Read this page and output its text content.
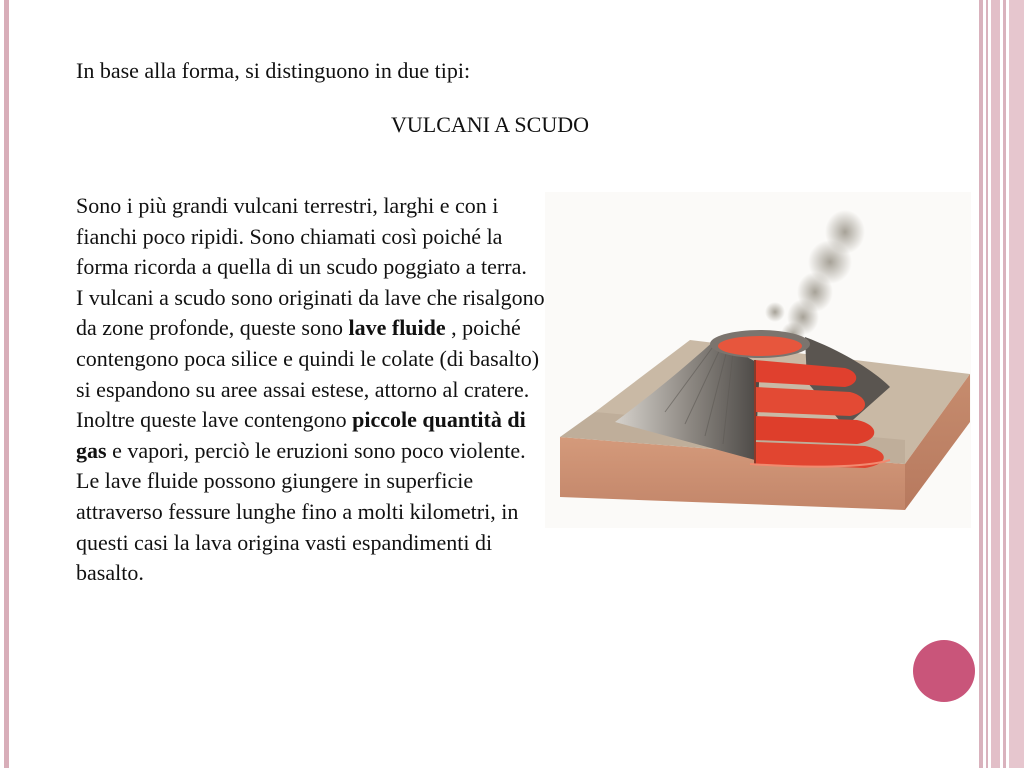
In base alla forma, si distinguono in due tipi:
VULCANI A SCUDO

Sono i più grandi vulcani terrestri, larghi e con i fianchi poco ripidi. Sono chiamati così poiché la forma ricorda a quella di un scudo poggiato a terra.

I vulcani a scudo sono originati da lave che risalgono da zone profonde, queste sono lave fluide , poiché contengono poca silice e quindi le colate (di basalto) si espandono su aree assai estese, attorno al cratere.

Inoltre queste lave contengono piccole quantità di gas e vapori, perciò le eruzioni sono poco violente.

Le lave fluide possono giungere in superficie attraverso fessure lunghe fino a molti kilometri, in questi casi la lava origina vasti espandimenti di basalto.
